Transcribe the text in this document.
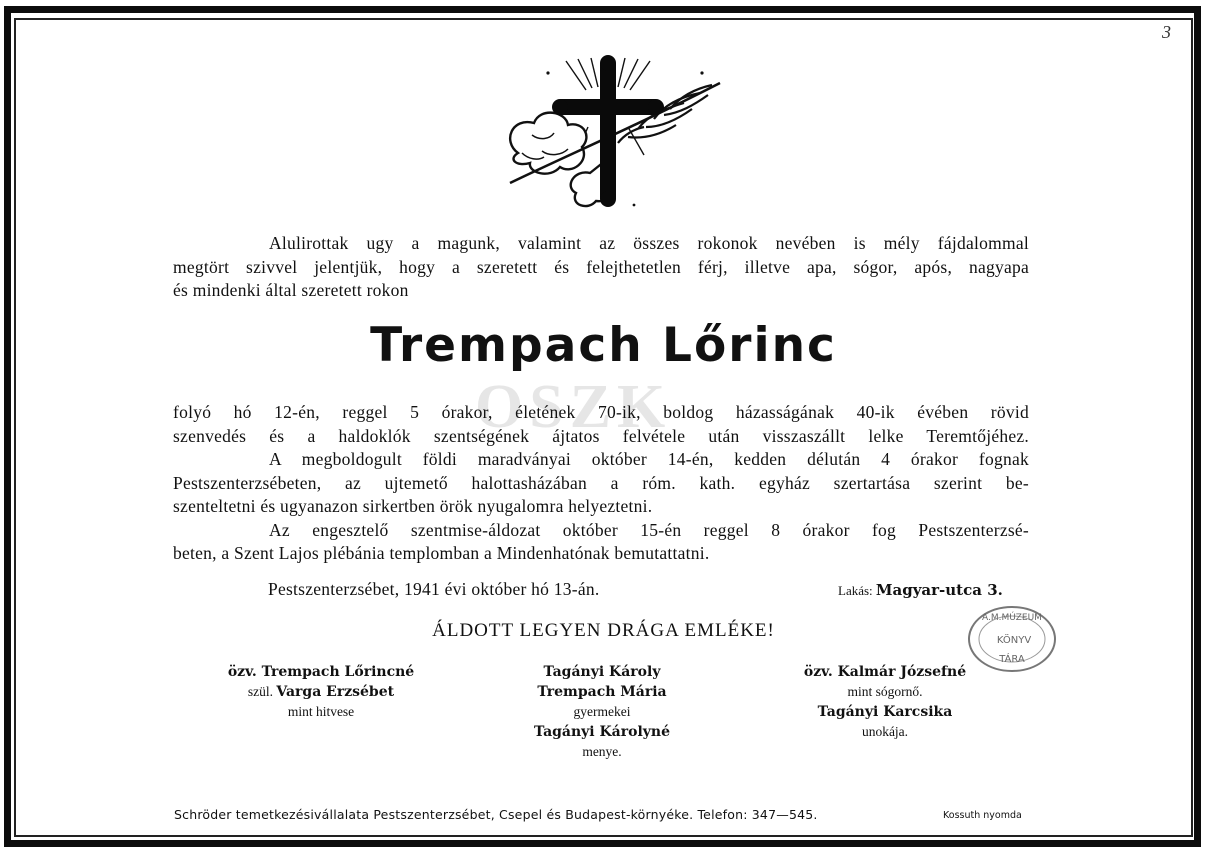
3
Alulirottak ugy a magunk, valamint az összes rokonok nevében is mély fájdalommal
megtört szivvel jelentjük, hogy a szeretett és felejthetetlen férj, illetve apa, sógor, após, nagyapa
és mindenki által szeretett rokon
Trempach Lőrinc
OSZK
folyó hó 12-én, reggel 5 órakor, életének 70-ik, boldog házasságának 40-ik évében rövid
szenvedés és a haldoklók szentségének ájtatos felvétele után visszaszállt lelke Teremtőjéhez.
A megboldogult földi maradványai október 14-én, kedden délután 4 órakor fognak
Pestszenterzsébeten, az ujtemető halottasházában a róm. kath. egyház szertartása szerint be-
szenteltetni és ugyanazon sirkertben örök nyugalomra helyeztetni.
Az engesztelő szentmise-áldozat október 15-én reggel 8 órakor fog Pestszenterzsé-
beten, a Szent Lajos plébánia templomban a Mindenhatónak bemutattatni.
Pestszenterzsébet, 1941 évi október hó 13-án.	Lakás: Magyar-utca 3.
ÁLDOTT LEGYEN DRÁGA EMLÉKE!
özv. Trempach Lőrincné
szül. Varga Erzsébet
mint hitvese
Tagányi Károly
Trempach Mária
gyermekei
Tagányi Károlyné
menye.
özv. Kalmár Józsefné
mint sógornő.
Tagányi Karcsika
unokája.
A.M.MÚZEUM
KÖNYV
TÁRA
Schröder temetkezésivállalata Pestszenterzsébet, Csepel és Budapest-környéke. Telefon: 347—545.	Kossuth nyomda
